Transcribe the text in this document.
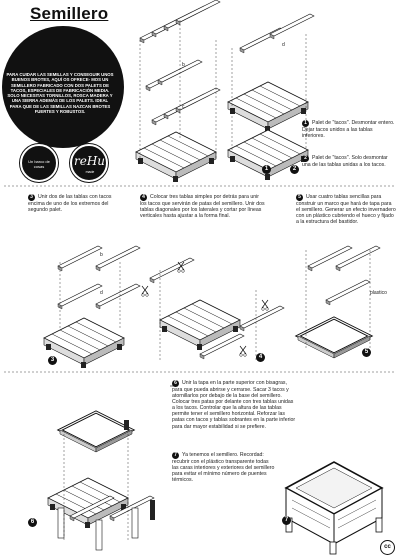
Semillero
PARA CUIDAR LAS SEMILLAS Y CONSEGUIR UNOS BUENOS BROTES, AQUÍ OS OFRECE- MOS UN SEMILLERO FABRICADO CON DOS PALETS DE TACOS, ESPECIALES DE FABRICACIÓN MEDIA. SOLO NECESITAS TORNILLOS, ROSCA MADERA Y UNA SIERRA ADEMÁS DE LOS PALETS. IDEAL PARA QUE DE LAS SEMILLAS NAZCAN BROTES FUERTES Y ROBUSTOS.
Un barco de cosas	reHu
made
b
c
d
d
b
plastico
1	2
3	4
5
6	7
1 Palet de "tacos". Desmontar entero. Dejar tacos unidos a las tablas inferiores.
2 Palet de "tacos". Solo desmontar una de las tablas unidas a los tacos.
3 Unir dos de las tablas con tacos encima de uno de los extremos del segundo palet.
4 Colocar tres tablas simples por detrás para unir los tacos que servirán de patas del semillero. Unir dos tablas diagonales por los laterales y cortar por líneas verticales hasta ajustar a la forma final.
5 Usar cuatro tablas sencillas para construir un marco que hará de tapa para el semillero. Generar un efecto invernadero con un plástico cubriendo el hueco y fijado a la estructura del bastidor.
6 Unir la tapa en la parte superior con bisagras, para que pueda abrirse y cerrarse. Sacar 3 tacos y atornillarlos por debajo de la base del semillero. Colocar tres patas por delante con tres tablas unidas a los tacos. Controlar que la altura de las tablas permite tener el semillero horizontal. Reforzar las patas con tacos y tablas sobrantes en la parte inferior para dar mayor estabilidad si se prefiere.
7 Ya tenemos el semillero. Recordad: recubrir con el plástico transparente todas las caras interiores y exteriores del semillero para evitar el mínimo número de puentes térmicos.
cc
